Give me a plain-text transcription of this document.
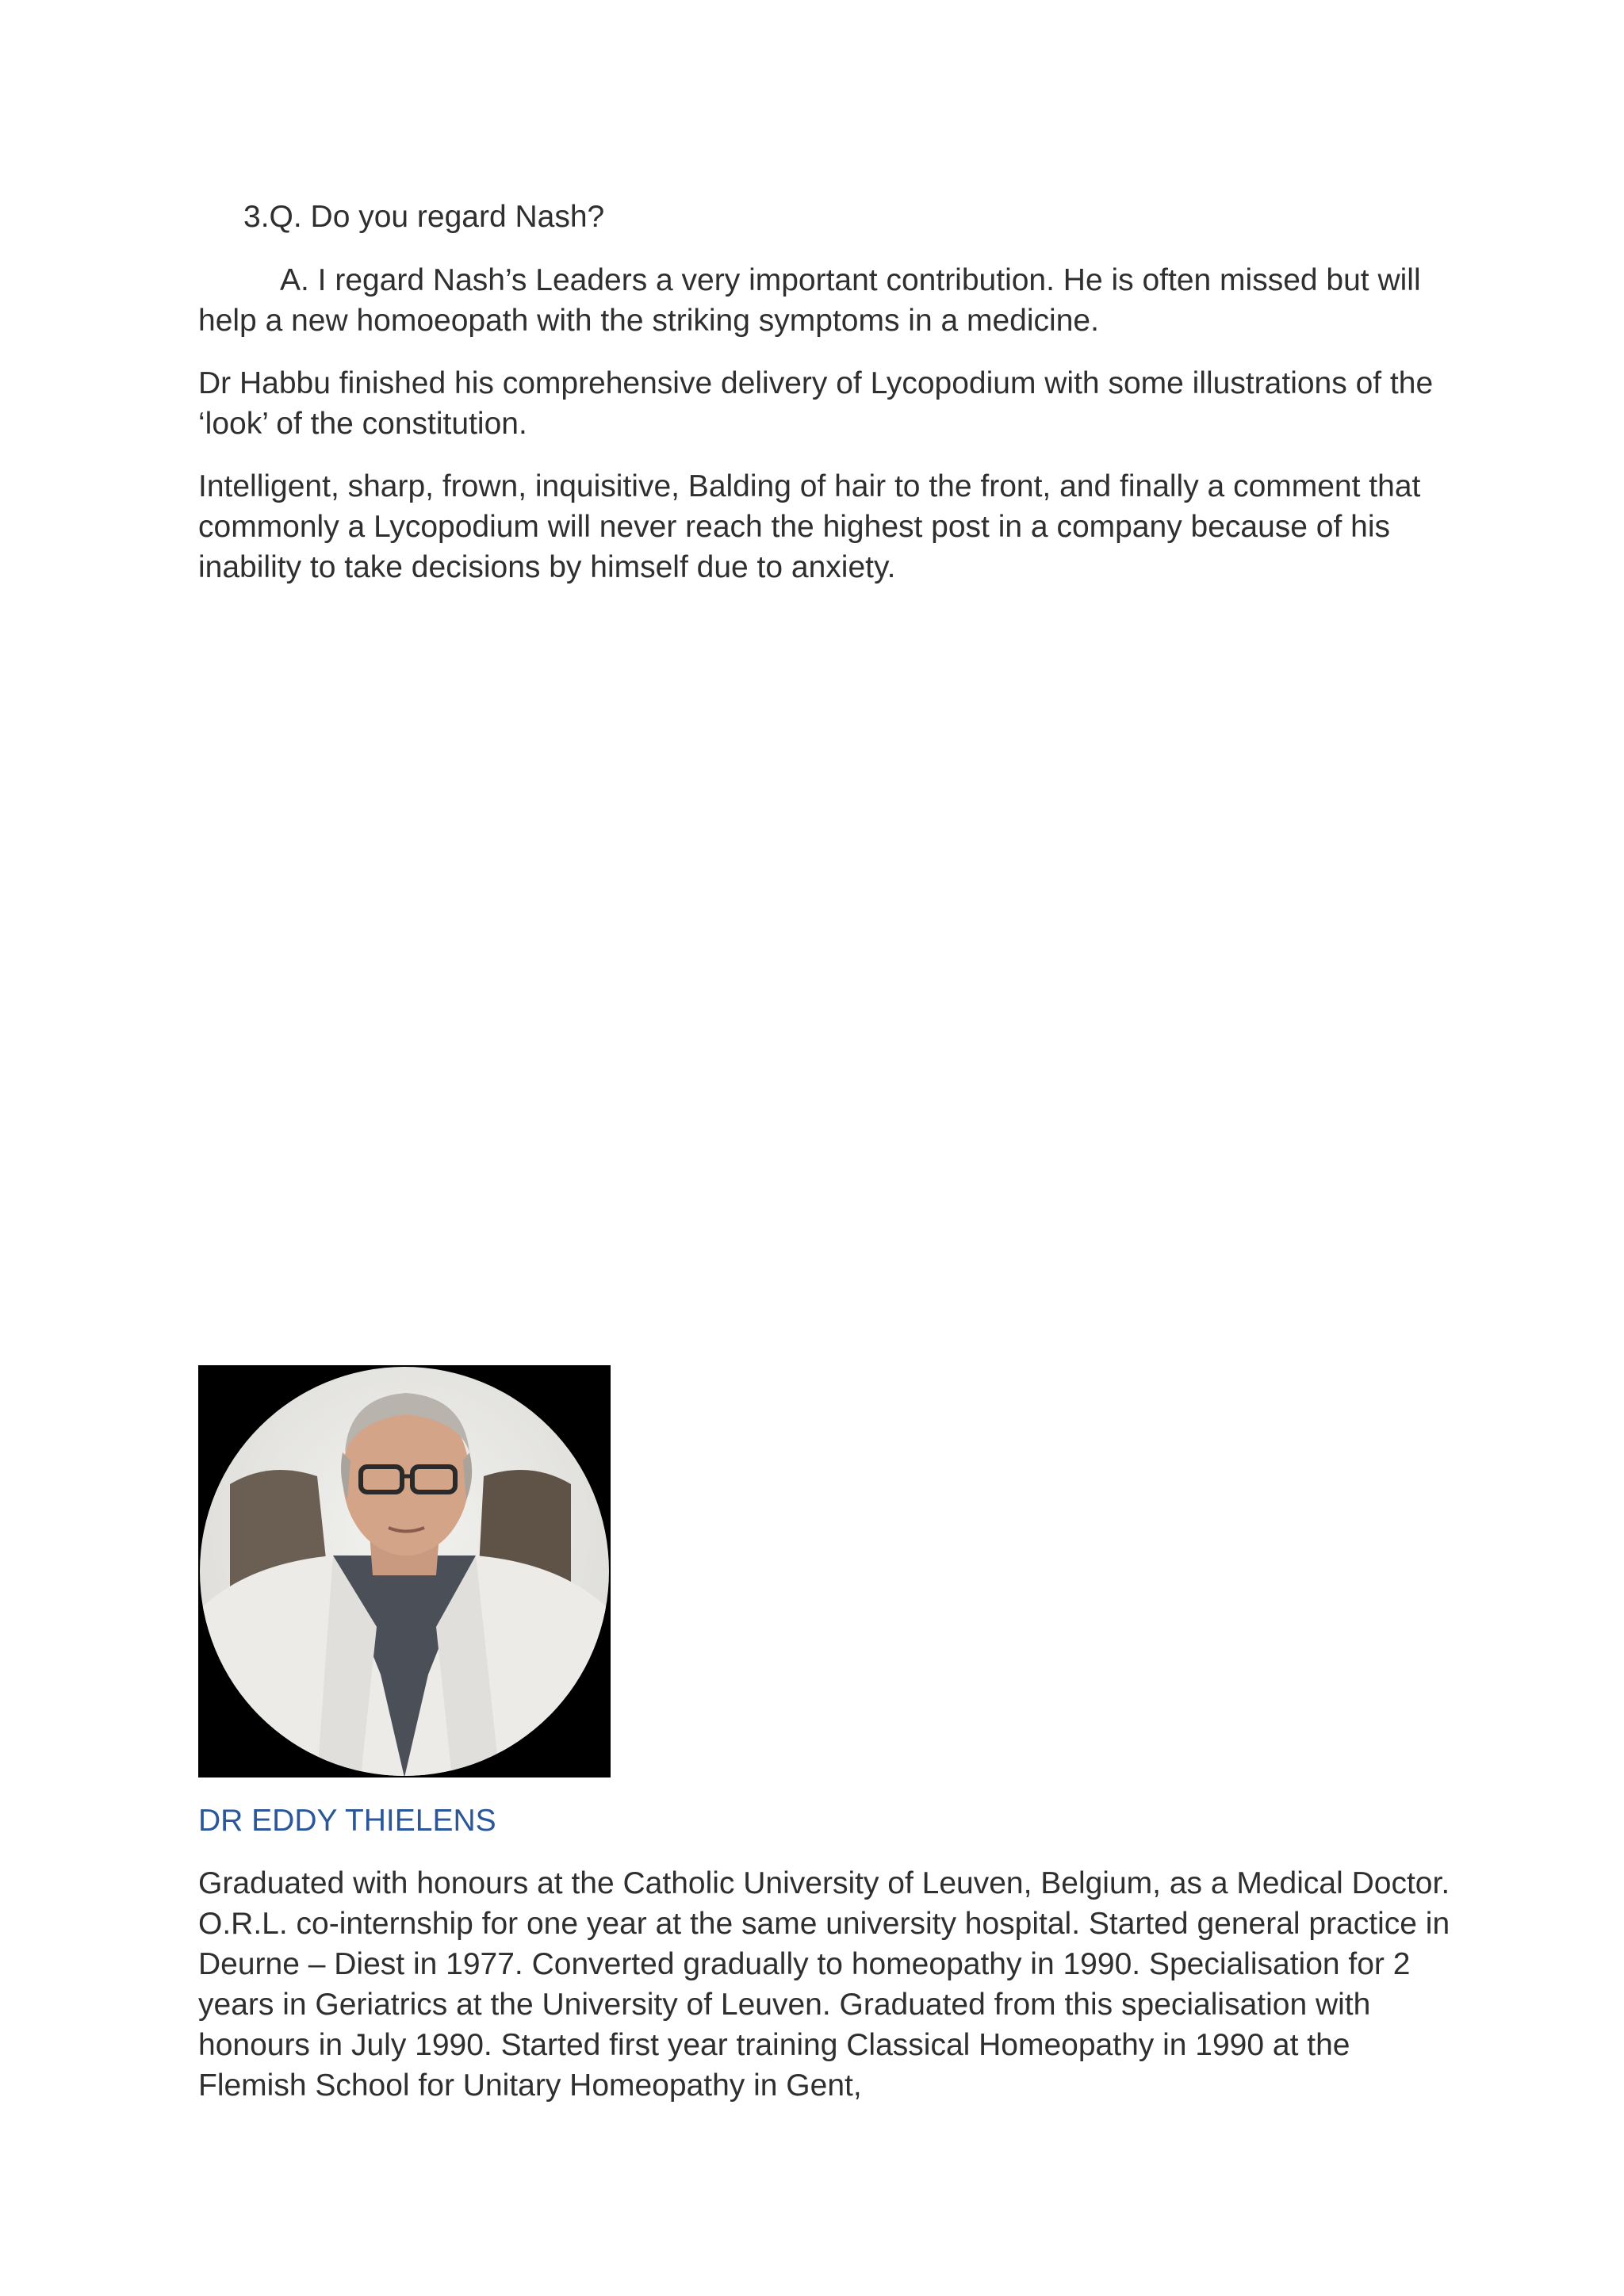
3.Q. Do you regard Nash?

A. I regard Nash’s Leaders a very important contribution. He is often missed but will help a new homoeopath with the striking symptoms in a medicine.

Dr Habbu finished his comprehensive delivery of Lycopodium with some illustrations of the ‘look’ of the constitution.

Intelligent, sharp, frown, inquisitive, Balding of hair to the front, and finally a comment that commonly a Lycopodium will never reach the highest post in a company because of his inability to take decisions by himself due to anxiety.

DR EDDY THIELENS

Graduated with honours at the Catholic University of Leuven, Belgium, as a Medical Doctor. O.R.L. co-internship for one year at the same university hospital. Started general practice in Deurne – Diest in 1977. Converted gradually to homeopathy in 1990. Specialisation for 2 years in Geriatrics at the University of Leuven. Graduated from this specialisation with honours in July 1990. Started first year training Classical Homeopathy in 1990 at the Flemish School for Unitary Homeopathy in Gent,
